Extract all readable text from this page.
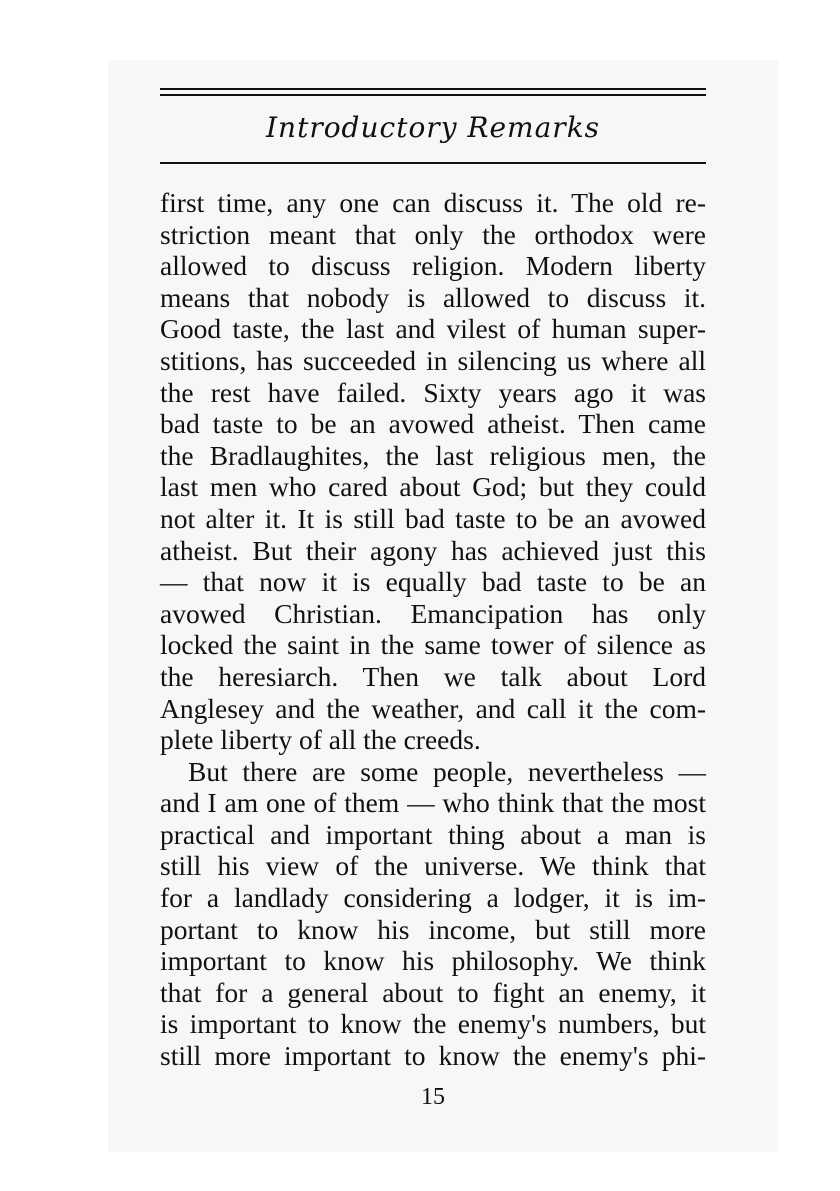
Introductory Remarks
first time, any one can discuss it. The old re-
striction meant that only the orthodox were
allowed to discuss religion. Modern liberty
means that nobody is allowed to discuss it.
Good taste, the last and vilest of human super-
stitions, has succeeded in silencing us where all
the rest have failed. Sixty years ago it was
bad taste to be an avowed atheist. Then came
the Bradlaughites, the last religious men, the
last men who cared about God; but they could
not alter it. It is still bad taste to be an avowed
atheist. But their agony has achieved just this
— that now it is equally bad taste to be an
avowed Christian. Emancipation has only
locked the saint in the same tower of silence as
the heresiarch. Then we talk about Lord
Anglesey and the weather, and call it the com-
plete liberty of all the creeds.
But there are some people, nevertheless —
and I am one of them — who think that the most
practical and important thing about a man is
still his view of the universe. We think that
for a landlady considering a lodger, it is im-
portant to know his income, but still more
important to know his philosophy. We think
that for a general about to fight an enemy, it
is important to know the enemy's numbers, but
still more important to know the enemy's phi-
15
